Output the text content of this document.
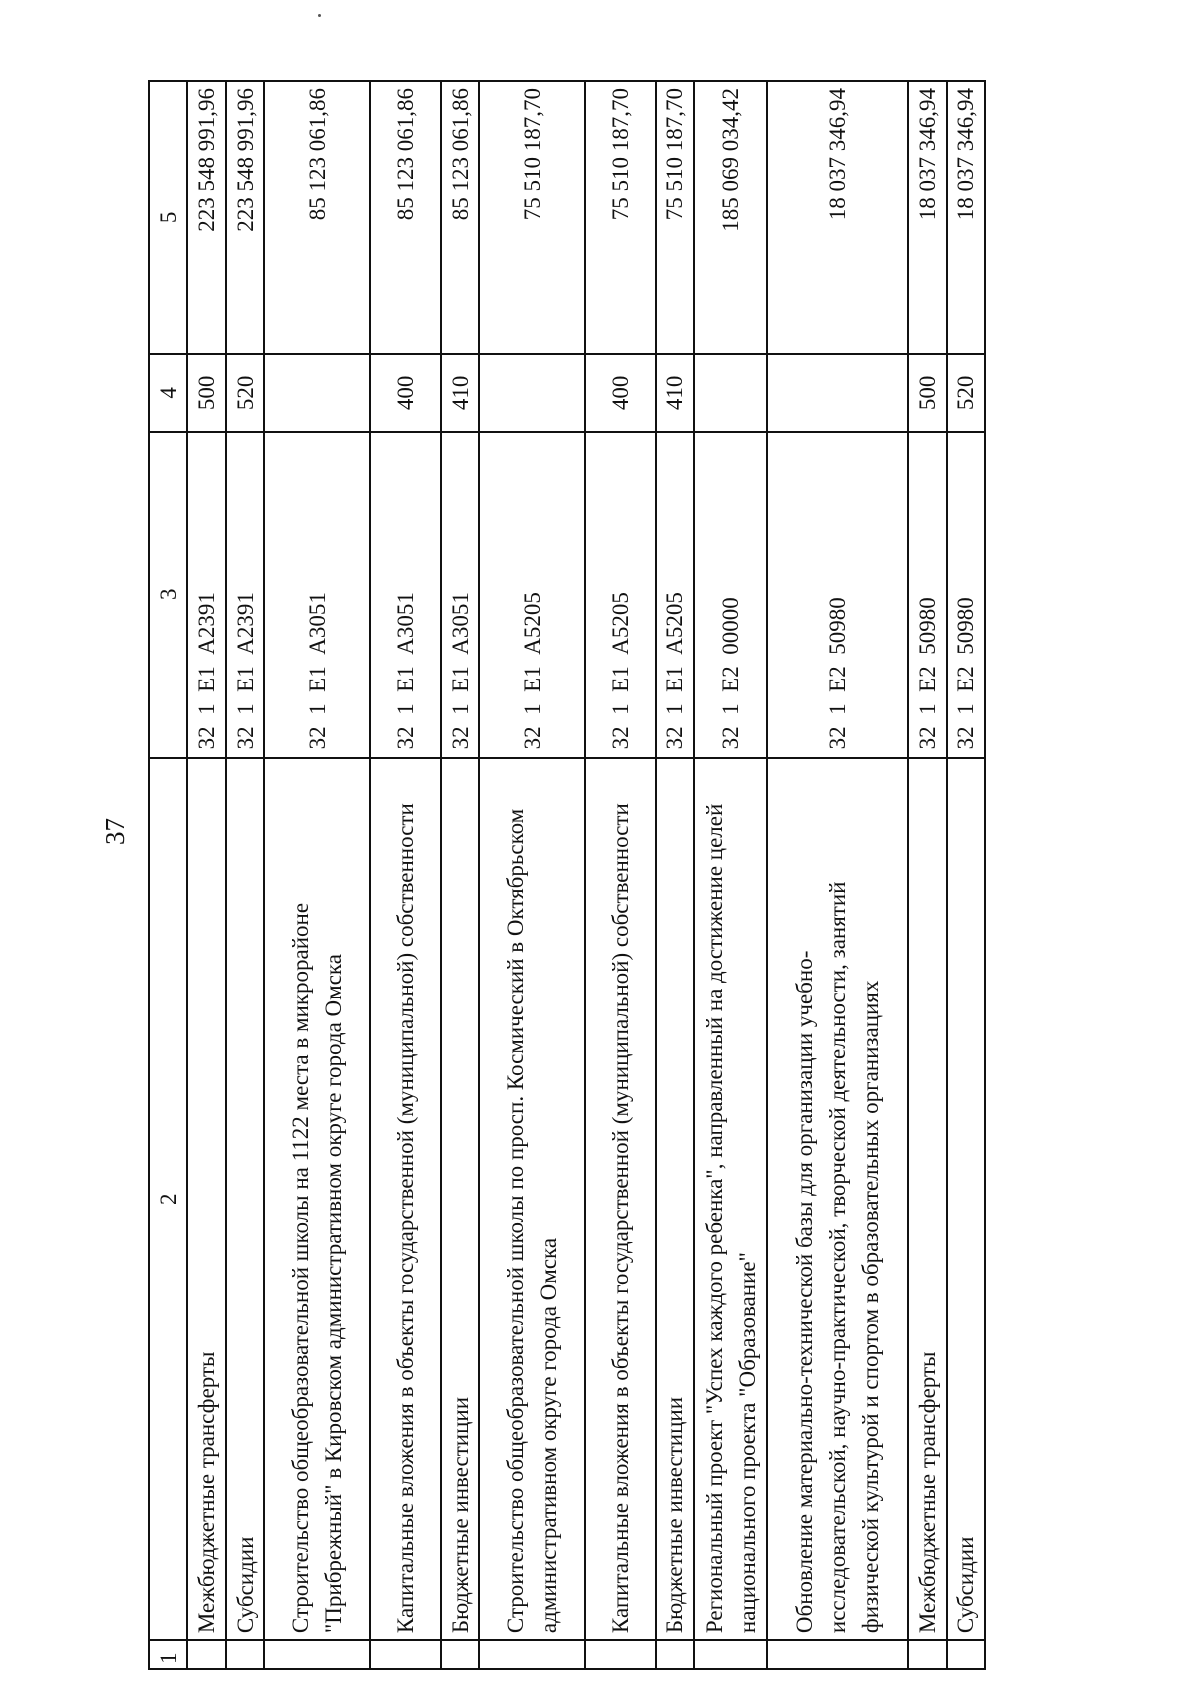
37
1	2	3	4	5
	Межбюджетные трансферты	32  1  Е1  А2391	500	223 548 991,96
	Субсидии	32  1  Е1  А2391	520	223 548 991,96
	Строительство общеобразовательной школы на 1122 места в микрорайоне "Прибрежный" в Кировском административном округе города Омска	32  1  Е1  А3051		85 123 061,86
	Капитальные вложения в объекты государственной (муниципальной) собственности	32  1  Е1  А3051	400	85 123 061,86
	Бюджетные инвестиции	32  1  Е1  А3051	410	85 123 061,86
	Строительство общеобразовательной школы по просп. Космический в Октябрьском административном округе города Омска	32  1  Е1  А5205		75 510 187,70
	Капитальные вложения в объекты государственной (муниципальной) собственности	32  1  Е1  А5205	400	75 510 187,70
	Бюджетные инвестиции	32  1  Е1  А5205	410	75 510 187,70
	Региональный проект "Успех каждого ребенка", направленный на достижение целей национального проекта "Образование"	32  1  Е2  00000		185 069 034,42
	Обновление материально-технической базы для организации учебно-исследовательской, научно-практической, творческой деятельности, занятий физической культурой и спортом в образовательных организациях	32  1  Е2  50980		18 037 346,94
	Межбюджетные трансферты	32  1  Е2  50980	500	18 037 346,94
	Субсидии	32  1  Е2  50980	520	18 037 346,94
